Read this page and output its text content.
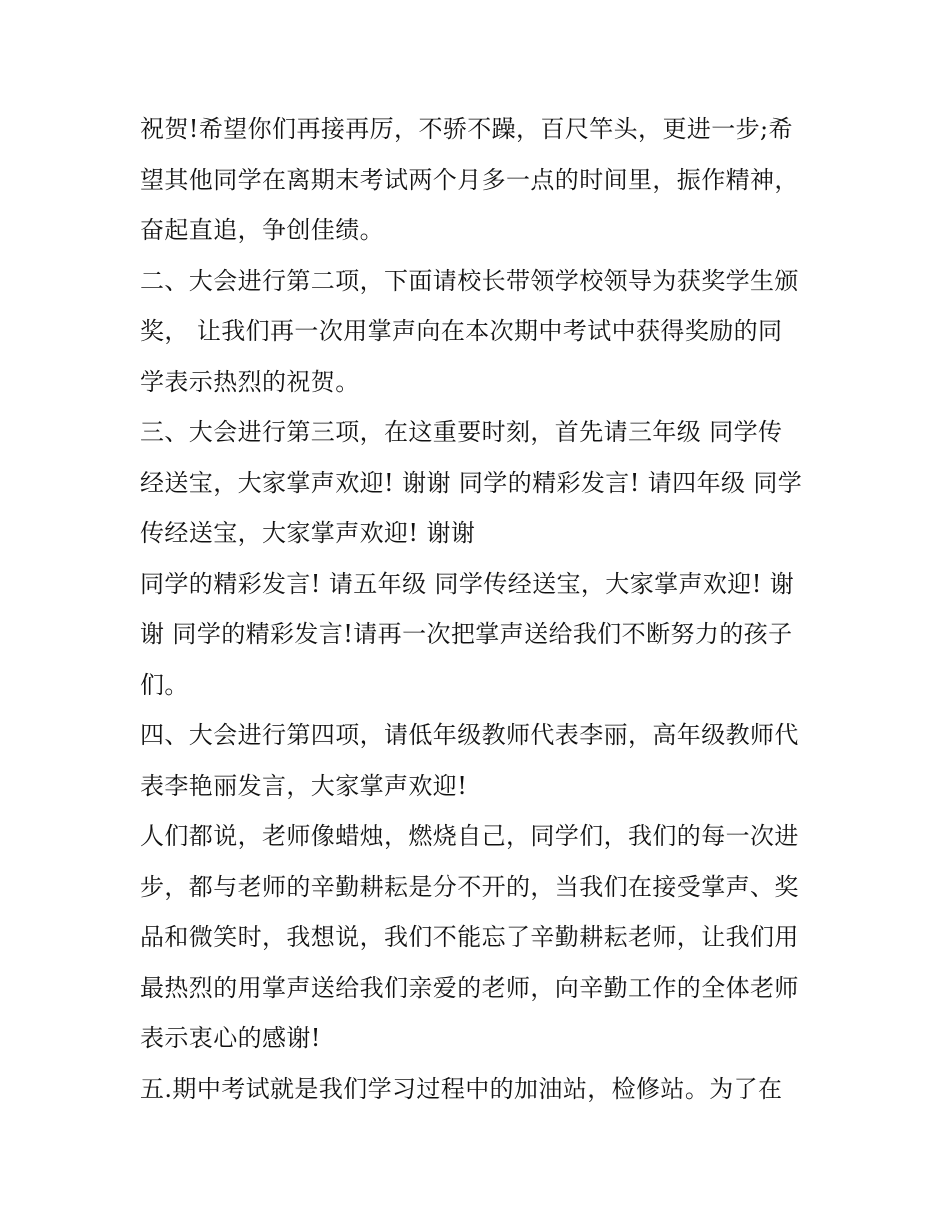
祝贺!希望你们再接再厉，不骄不躁，百尺竿头，更进一步;希
望其他同学在离期末考试两个月多一点的时间里，振作精神，
奋起直追，争创佳绩。
二、大会进行第二项，下面请校长带领学校领导为获奖学生颁
奖， 让我们再一次用掌声向在本次期中考试中获得奖励的同
学表示热烈的祝贺。
三、大会进行第三项，在这重要时刻，首先请三年级 同学传
经送宝，大家掌声欢迎! 谢谢 同学的精彩发言! 请四年级 同学
传经送宝，大家掌声欢迎! 谢谢
同学的精彩发言! 请五年级 同学传经送宝，大家掌声欢迎! 谢
谢 同学的精彩发言!请再一次把掌声送给我们不断努力的孩子
们。
四、大会进行第四项，请低年级教师代表李丽，高年级教师代
表李艳丽发言，大家掌声欢迎!
人们都说，老师像蜡烛，燃烧自己，同学们，我们的每一次进
步，都与老师的辛勤耕耘是分不开的，当我们在接受掌声、奖
品和微笑时，我想说，我们不能忘了辛勤耕耘老师，让我们用
最热烈的用掌声送给我们亲爱的老师，向辛勤工作的全体老师
表示衷心的感谢!
五.期中考试就是我们学习过程中的加油站，检修站。为了在
